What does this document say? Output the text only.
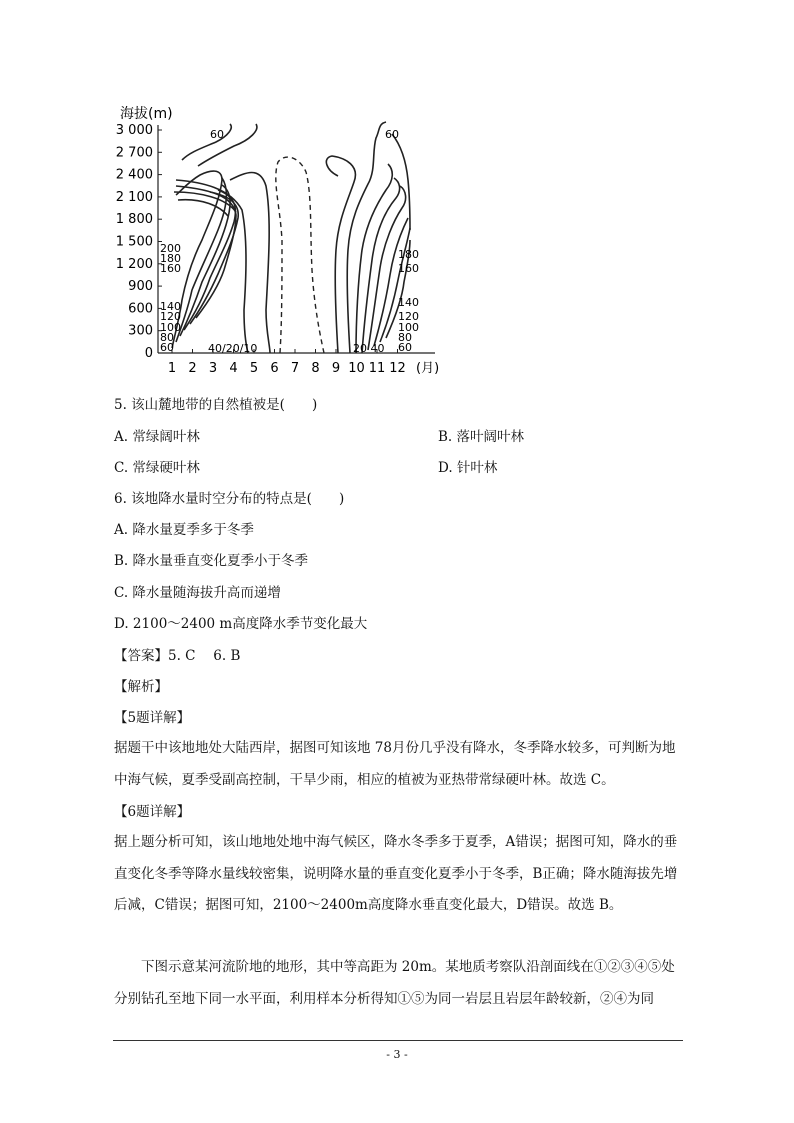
海拔(m)
3 000
2 700
2 400
2 100
1 800
1 500
1 200
900
600
300
0
1 2 3 4 5 6 7 8 9 10 11 12
60	60
40/20/10	20 40
200
180
160
140
120
100
80
60
180
160
140
120
100
80
60
(月)
5. 该山麓地带的自然植被是(　　)
A. 常绿阔叶林	B. 落叶阔叶林
C. 常绿硬叶林	D. 针叶林
6. 该地降水量时空分布的特点是(　　)
A. 降水量夏季多于冬季
B. 降水量垂直变化夏季小于冬季
C. 降水量随海拔升高而递增
D. 2100～2400 m高度降水季节变化最大
【答案】5. C　 6. B
【解析】
【5题详解】
据题干中该地地处大陆西岸，据图可知该地 78月份几乎没有降水，冬季降水较多，可判断为地中海气候，夏季受副高控制，干旱少雨，相应的植被为亚热带常绿硬叶林。故选 C。
【6题详解】
据上题分析可知，该山地地处地中海气候区，降水冬季多于夏季，A错误；据图可知，降水的垂直变化冬季等降水量线较密集，说明降水量的垂直变化夏季小于冬季，B正确；降水随海拔先增后减，C错误；据图可知，2100～2400m高度降水垂直变化最大，D错误。故选 B。
下图示意某河流阶地的地形，其中等高距为 20m。某地质考察队沿剖面线在①②③④⑤处分别钻孔至地下同一水平面，利用样本分析得知①⑤为同一岩层且岩层年龄较新，②④为同
- 3 -
